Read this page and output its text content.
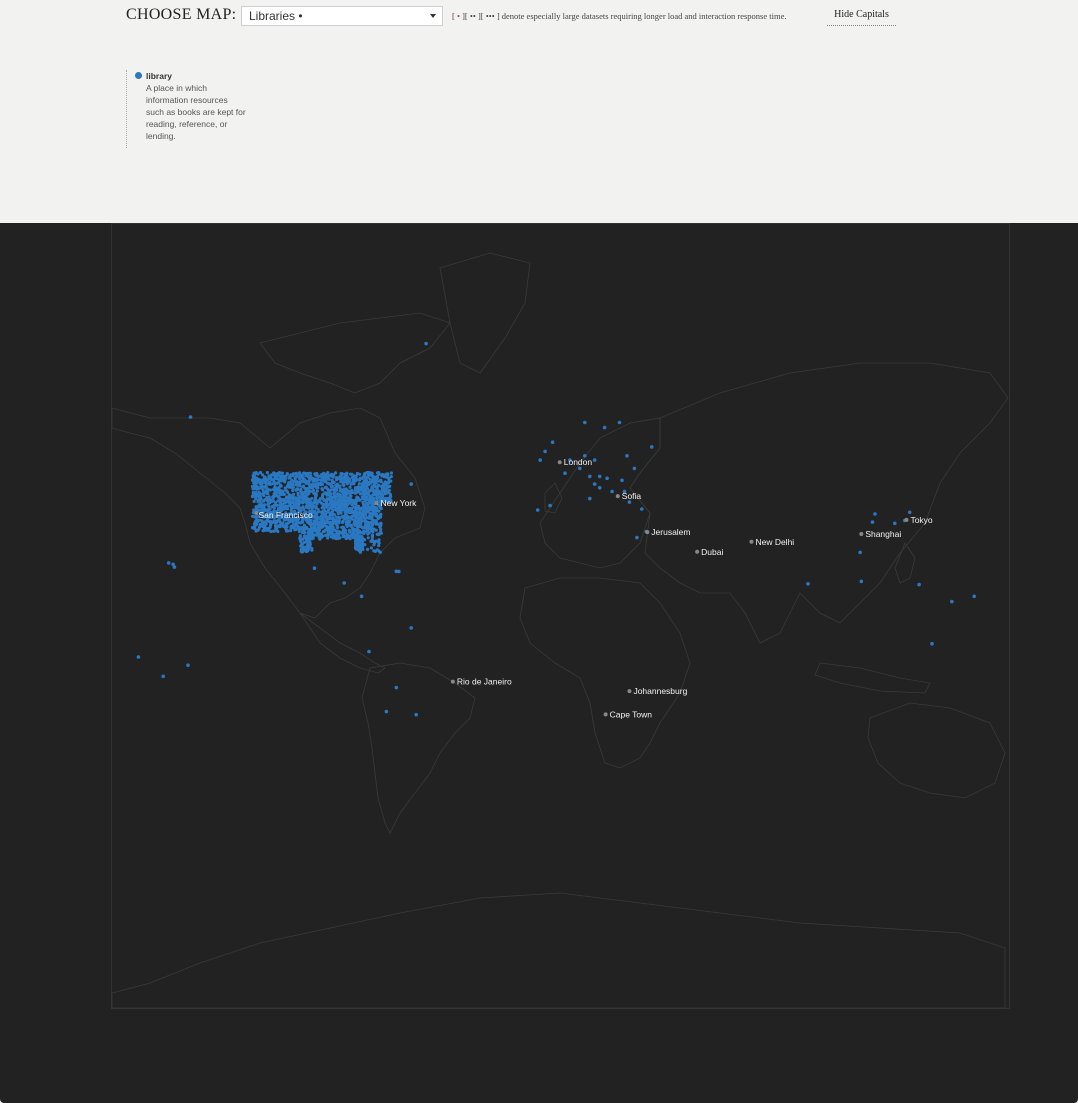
CHOOSE MAP: Libraries •	[ • ][ •• ][ ••• ] denote especially large datasets requiring longer load and interaction response time.	Hide Capitals
library
A place in which information resources such as books are kept for reading, reference, or lending.
London
Sofia
New York
San Francisco
Jerusalem
Dubai
New Delhi
Shanghai
Tokyo
Rio de Janeiro
Johannesburg
Cape Town
